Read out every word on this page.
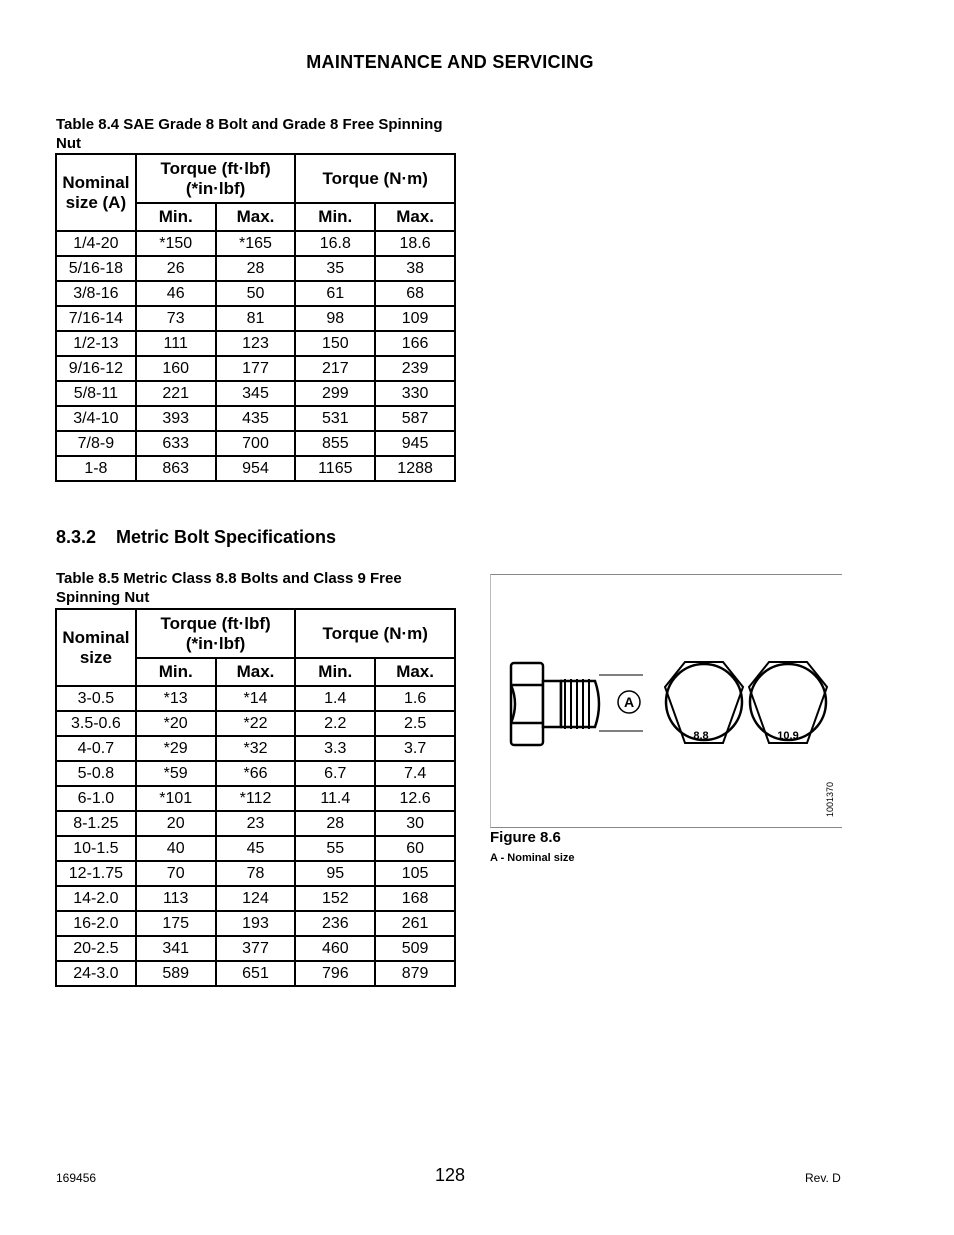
MAINTENANCE AND SERVICING
Table 8.4 SAE Grade 8 Bolt and Grade 8 Free Spinning Nut
Nominal size (A)	Torque (ft·lbf) (*in·lbf)		Torque (N·m)	
	Min.	Max.	Min.	Max.
1/4-20	*150	*165	16.8	18.6
5/16-18	26	28	35	38
3/8-16	46	50	61	68
7/16-14	73	81	98	109
1/2-13	111	123	150	166
9/16-12	160	177	217	239
5/8-11	221	345	299	330
3/4-10	393	435	531	587
7/8-9	633	700	855	945
1-8	863	954	1165	1288
8.3.2 Metric Bolt Specifications
Table 8.5 Metric Class 8.8 Bolts and Class 9 Free Spinning Nut
Nominal size	Torque (ft·lbf) (*in·lbf)		Torque (N·m)	
	Min.	Max.	Min.	Max.
3-0.5	*13	*14	1.4	1.6
3.5-0.6	*20	*22	2.2	2.5
4-0.7	*29	*32	3.3	3.7
5-0.8	*59	*66	6.7	7.4
6-1.0	*101	*112	11.4	12.6
8-1.25	20	23	28	30
10-1.5	40	45	55	60
12-1.75	70	78	95	105
14-2.0	113	124	152	168
16-2.0	175	193	236	261
20-2.5	341	377	460	509
24-3.0	589	651	796	879
A
8.8	10.9
1001370
Figure 8.6
A - Nominal size
169456	128	Rev. D
